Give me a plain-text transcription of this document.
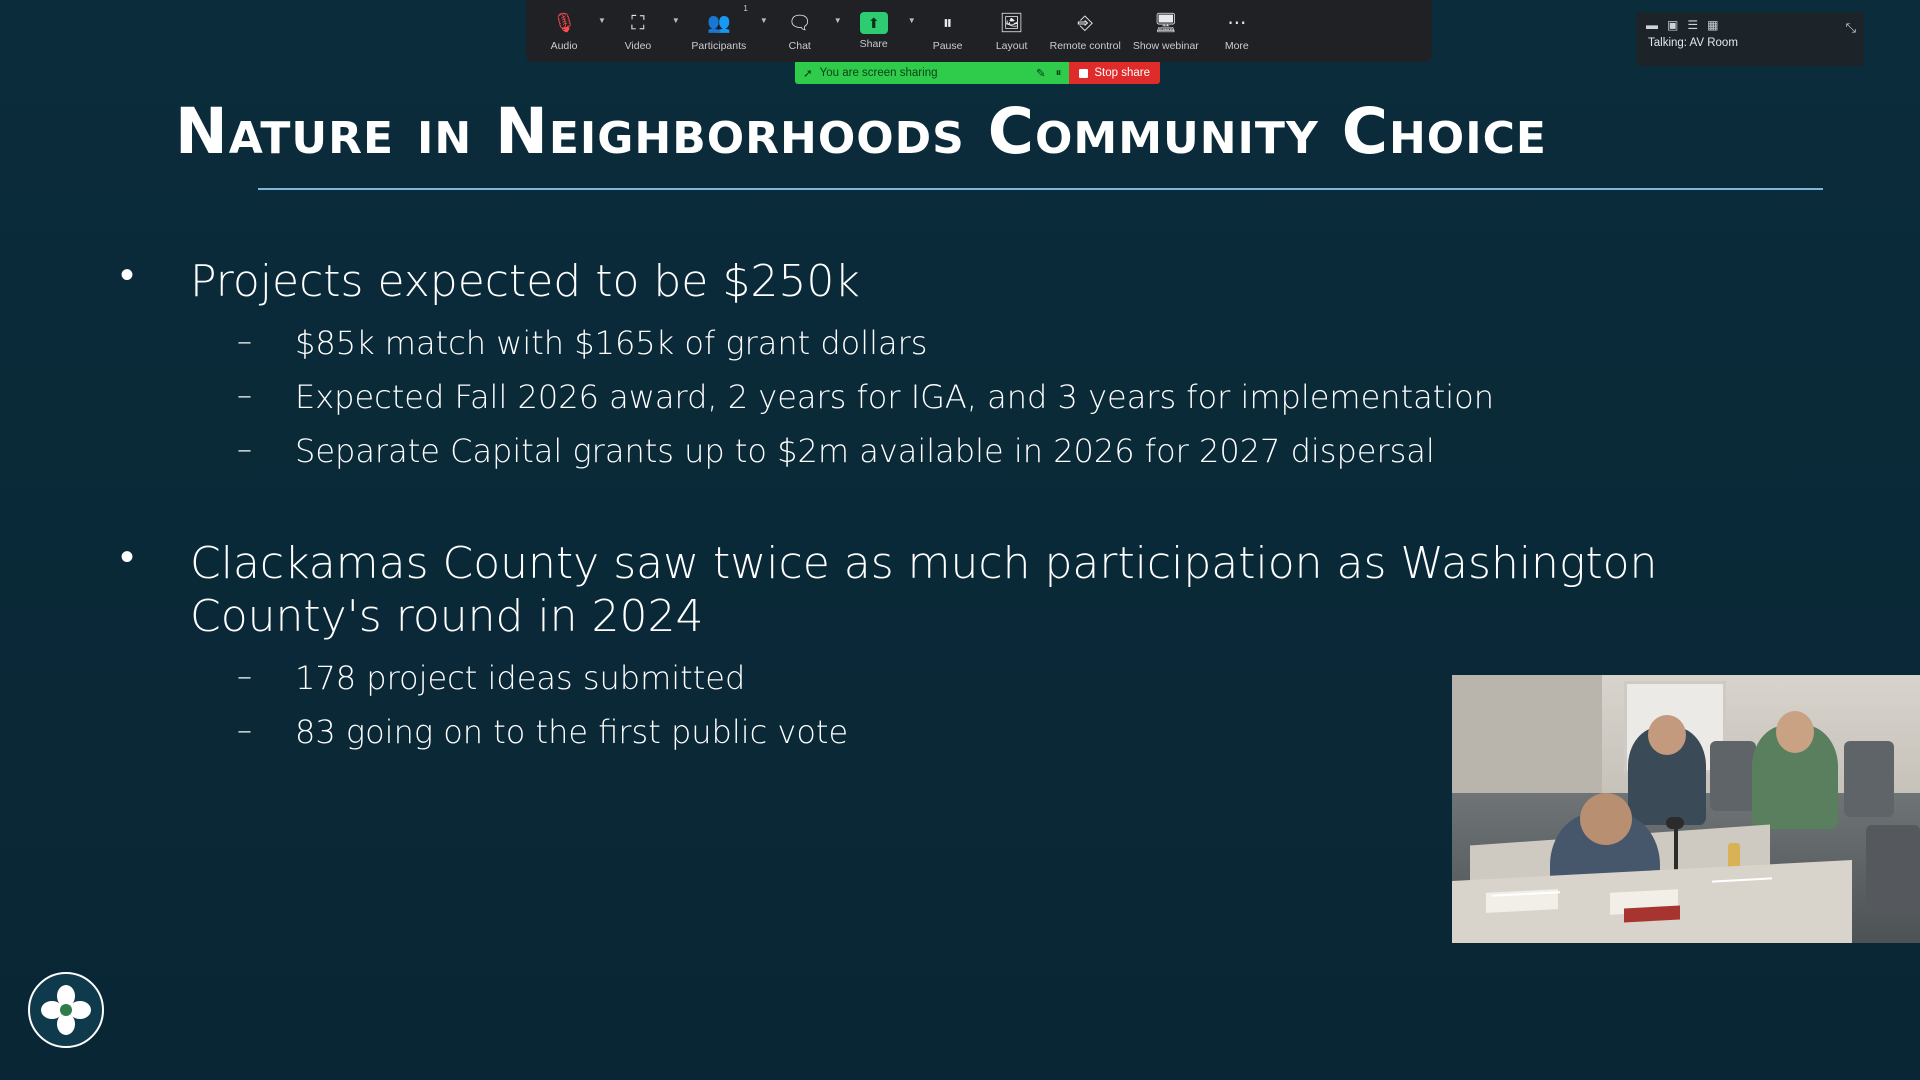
Nature in Neighborhoods Community Choice
• Projects expected to be $250k
– $85k match with $165k of grant dollars
– Expected Fall 2026 award, 2 years for IGA, and 3 years for implementation
– Separate Capital grants up to $2m available in 2026 for 2027 dispersal
• Clackamas County saw twice as much participation as Washington County's round in 2024
– 178 project ideas submitted
– 83 going on to the first public vote
🎙
Audio
▼ ⛶
Video
▼
1
👥
Participants
▼ 🗨
Chat
▼	⬆
Share
▼ ⏸
Pause
🖼
Layout
⎆
Remote control
🖥
Show webinar
⋯
More
➚ You are screen sharing	✎ ⏸	Stop share
▬ ▣ ☰ ▦	⤡
Talking: AV Room
